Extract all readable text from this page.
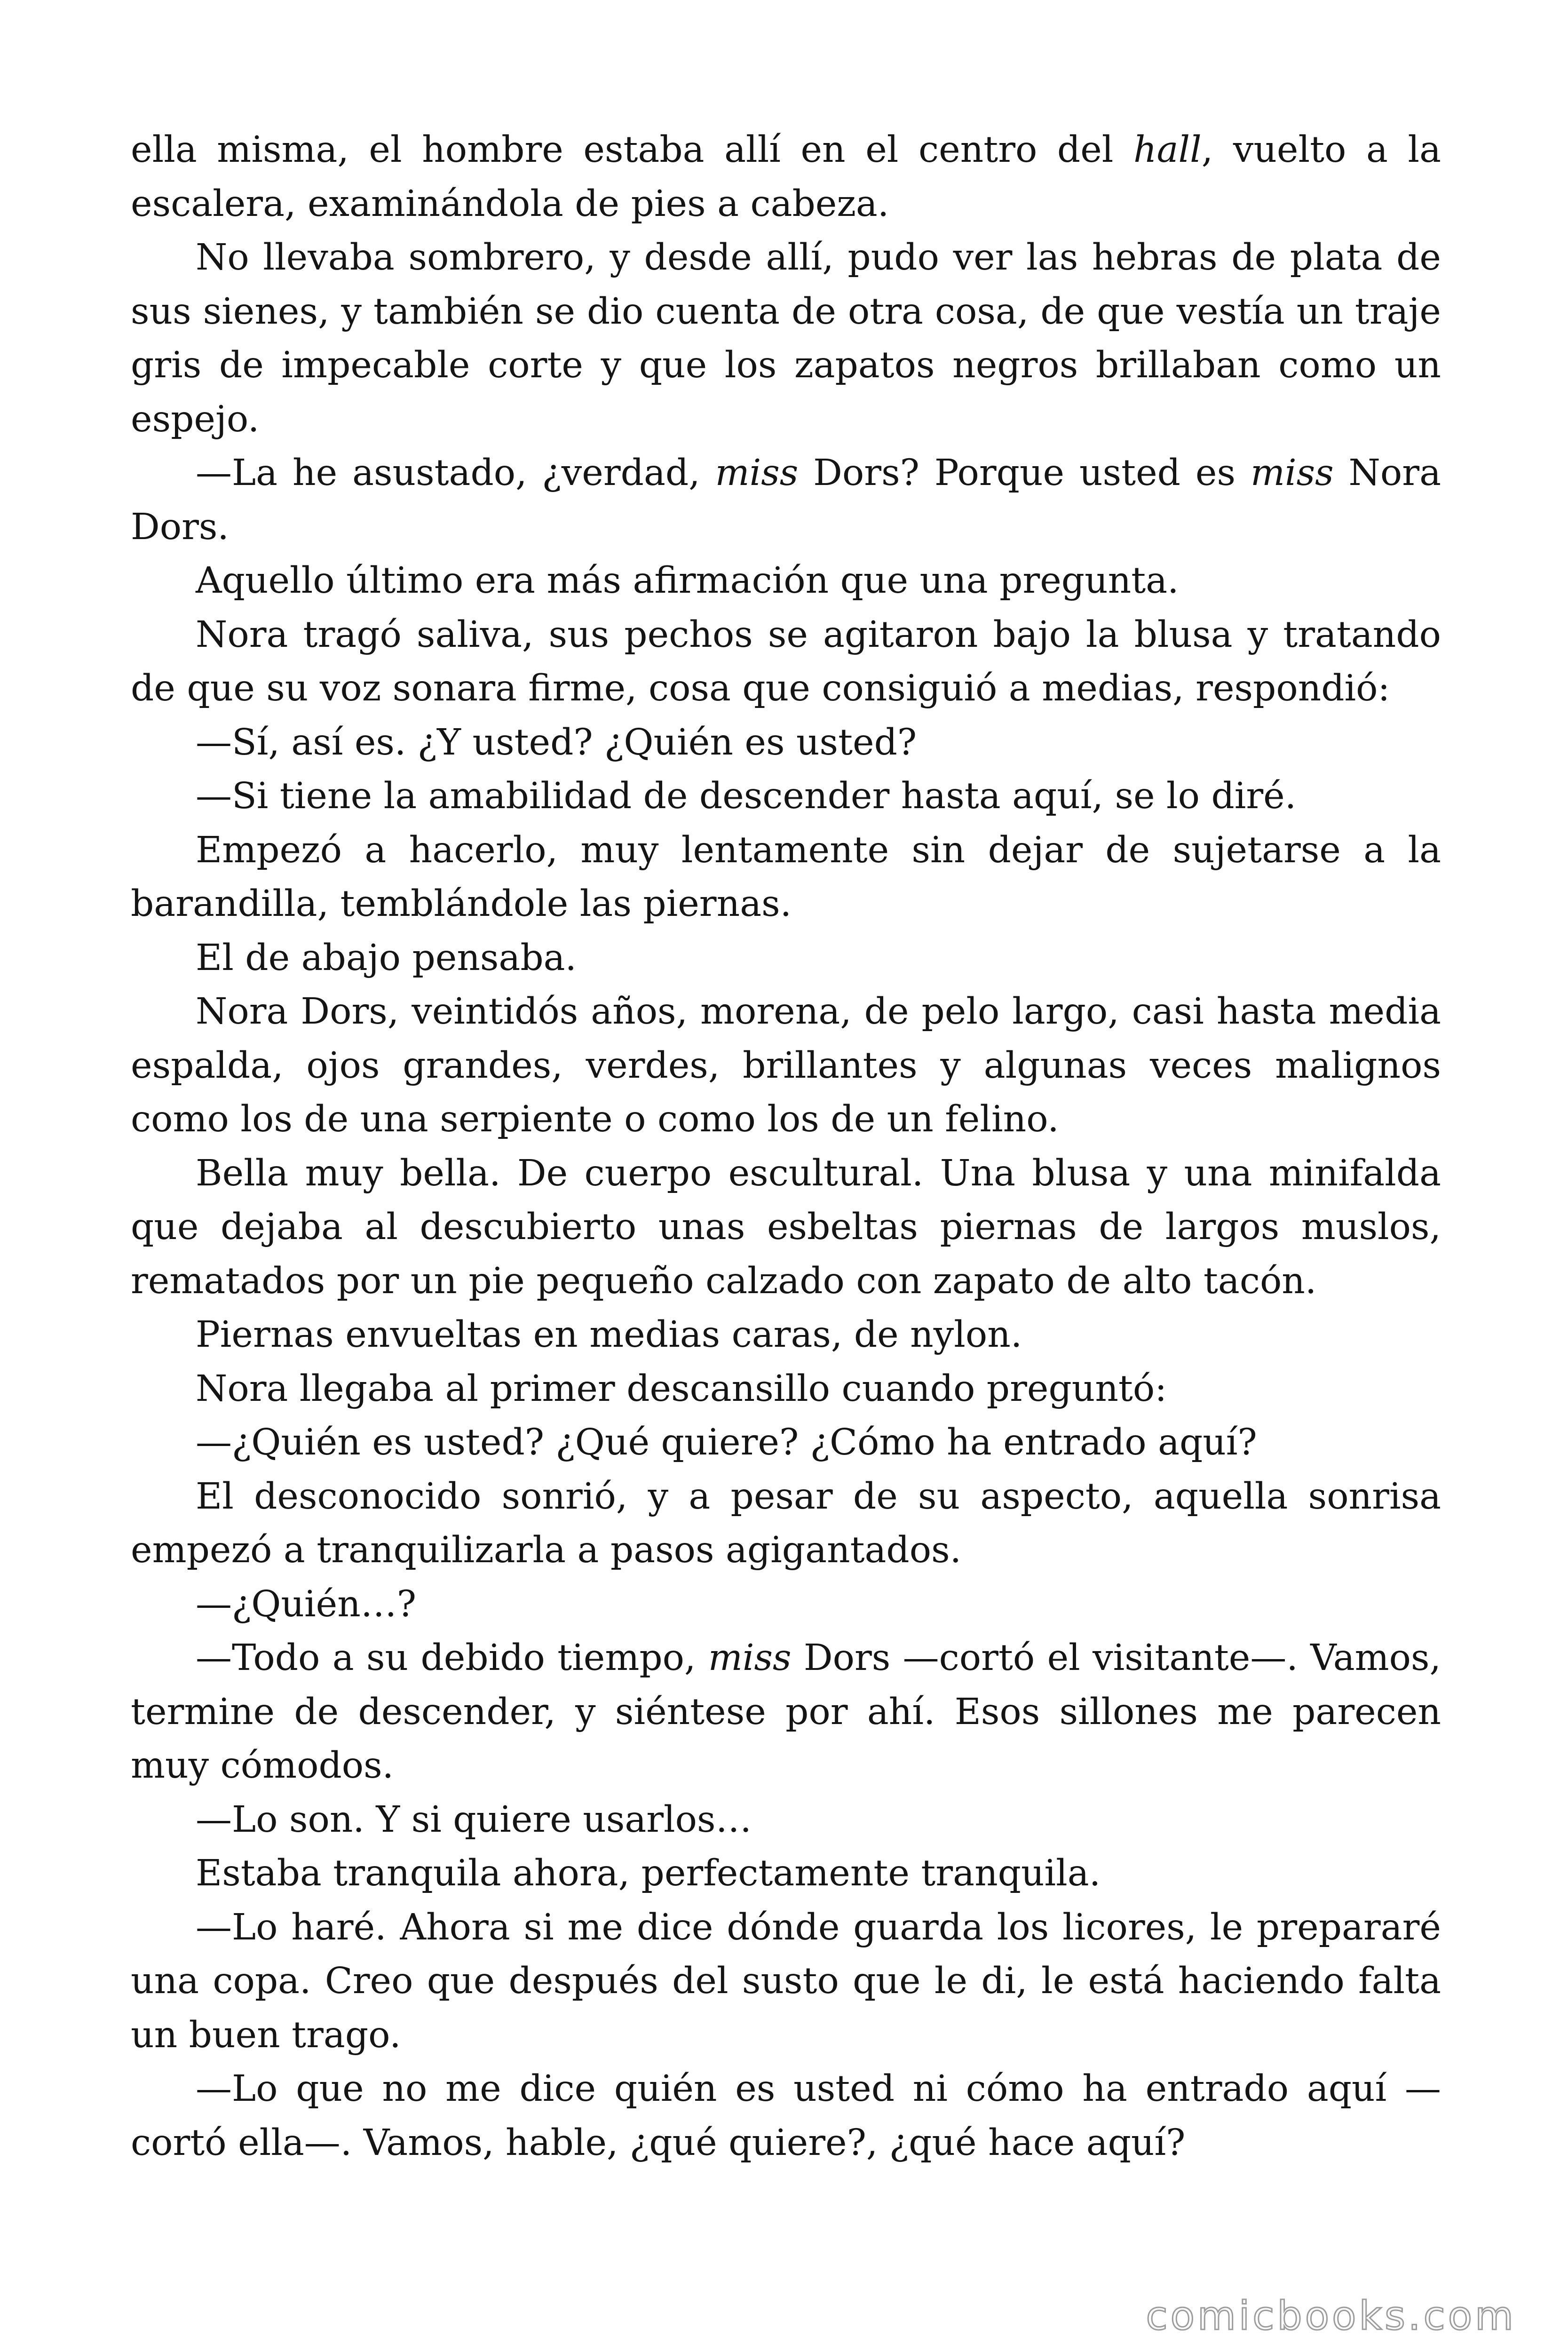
ella misma, el hombre estaba allí en el centro del hall, vuelto a la escalera, examinándola de pies a cabeza.

No llevaba sombrero, y desde allí, pudo ver las hebras de plata de sus sienes, y también se dio cuenta de otra cosa, de que vestía un traje gris de impecable corte y que los zapatos negros brillaban como un espejo.

—La he asustado, ¿verdad, miss Dors? Porque usted es miss Nora Dors.

Aquello último era más afirmación que una pregunta.

Nora tragó saliva, sus pechos se agitaron bajo la blusa y tratando de que su voz sonara firme, cosa que consiguió a medias, respondió:

—Sí, así es. ¿Y usted? ¿Quién es usted?

—Si tiene la amabilidad de descender hasta aquí, se lo diré.

Empezó a hacerlo, muy lentamente sin dejar de sujetarse a la barandilla, temblándole las piernas.

El de abajo pensaba.

Nora Dors, veintidós años, morena, de pelo largo, casi hasta media espalda, ojos grandes, verdes, brillantes y algunas veces malignos como los de una serpiente o como los de un felino.

Bella muy bella. De cuerpo escultural. Una blusa y una minifalda que dejaba al descubierto unas esbeltas piernas de largos muslos, rematados por un pie pequeño calzado con zapato de alto tacón.

Piernas envueltas en medias caras, de nylon.

Nora llegaba al primer descansillo cuando preguntó:

—¿Quién es usted? ¿Qué quiere? ¿Cómo ha entrado aquí?

El desconocido sonrió, y a pesar de su aspecto, aquella sonrisa empezó a tranquilizarla a pasos agigantados.

—¿Quién…?

—Todo a su debido tiempo, miss Dors —cortó el visitante—. Vamos, termine de descender, y siéntese por ahí. Esos sillones me parecen muy cómodos.

—Lo son. Y si quiere usarlos…

Estaba tranquila ahora, perfectamente tranquila.

—Lo haré. Ahora si me dice dónde guarda los licores, le prepararé una copa. Creo que después del susto que le di, le está haciendo falta un buen trago.

—Lo que no me dice quién es usted ni cómo ha entrado aquí —cortó ella—. Vamos, hable, ¿qué quiere?, ¿qué hace aquí?

comicbooks.com
